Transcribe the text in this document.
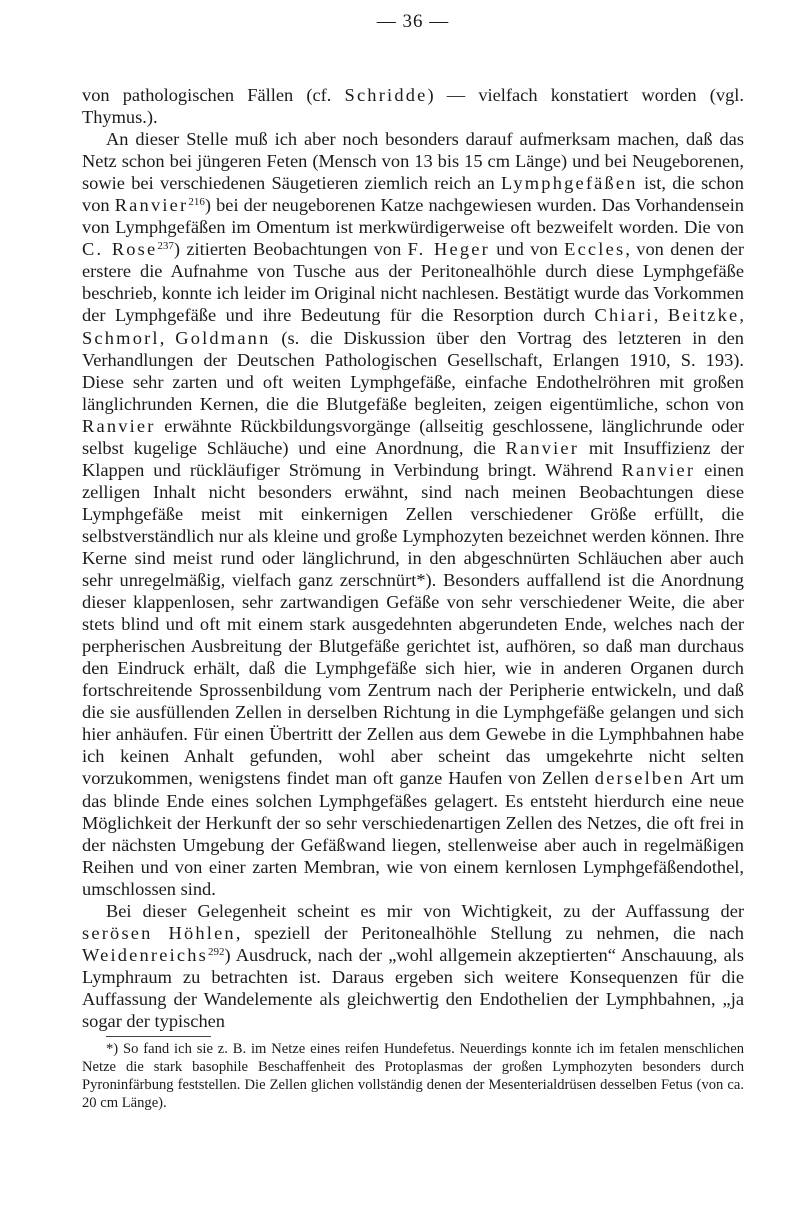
— 36 —

von pathologischen Fällen (cf. Schridde) — vielfach konstatiert worden (vgl. Thymus.).

An dieser Stelle muß ich aber noch besonders darauf aufmerksam machen, daß das Netz schon bei jüngeren Feten (Mensch von 13 bis 15 cm Länge) und bei Neugeborenen, sowie bei verschiedenen Säugetieren ziemlich reich an Lymphgefäßen ist, die schon von Ranvier$^{216}$) bei der neugeborenen Katze nachgewiesen wurden. Das Vorhandensein von Lymphgefäßen im Omentum ist merkwürdigerweise oft bezweifelt worden. Die von C. Rose$^{237}$) zitierten Beobachtungen von F. Heger und von Eccles, von denen der erstere die Aufnahme von Tusche aus der Peritonealhöhle durch diese Lymphgefäße beschrieb, konnte ich leider im Original nicht nachlesen. Bestätigt wurde das Vorkommen der Lymphgefäße und ihre Bedeutung für die Resorption durch Chiari, Beitzke, Schmorl, Goldmann (s. die Diskussion über den Vortrag des letzteren in den Verhandlungen der Deutschen Pathologischen Gesellschaft, Erlangen 1910, S. 193). Diese sehr zarten und oft weiten Lymphgefäße, einfache Endothelröhren mit großen länglichrunden Kernen, die die Blutgefäße begleiten, zeigen eigentümliche, schon von Ranvier erwähnte Rückbildungsvorgänge (allseitig geschlossene, länglichrunde oder selbst kugelige Schläuche) und eine Anordnung, die Ranvier mit Insuffizienz der Klappen und rückläufiger Strömung in Verbindung bringt. Während Ranvier einen zelligen Inhalt nicht besonders erwähnt, sind nach meinen Beobachtungen diese Lymphgefäße meist mit einkernigen Zellen verschiedener Größe erfüllt, die selbstverständlich nur als kleine und große Lymphozyten bezeichnet werden können. Ihre Kerne sind meist rund oder länglichrund, in den abgeschnürten Schläuchen aber auch sehr unregelmäßig, vielfach ganz zerschnürt*). Besonders auffallend ist die Anordnung dieser klappenlosen, sehr zartwandigen Gefäße von sehr verschiedener Weite, die aber stets blind und oft mit einem stark ausgedehnten abgerundeten Ende, welches nach der perpherischen Ausbreitung der Blutgefäße gerichtet ist, aufhören, so daß man durchaus den Eindruck erhält, daß die Lymphgefäße sich hier, wie in anderen Organen durch fortschreitende Sprossenbildung vom Zentrum nach der Peripherie entwickeln, und daß die sie ausfüllenden Zellen in derselben Richtung in die Lymphgefäße gelangen und sich hier anhäufen. Für einen Übertritt der Zellen aus dem Gewebe in die Lymphbahnen habe ich keinen Anhalt gefunden, wohl aber scheint das umgekehrte nicht selten vorzukommen, wenigstens findet man oft ganze Haufen von Zellen derselben Art um das blinde Ende eines solchen Lymphgefäßes gelagert. Es entsteht hierdurch eine neue Möglichkeit der Herkunft der so sehr verschiedenartigen Zellen des Netzes, die oft frei in der nächsten Umgebung der Gefäßwand liegen, stellenweise aber auch in regelmäßigen Reihen und von einer zarten Membran, wie von einem kernlosen Lymphgefäßendothel, umschlossen sind.

Bei dieser Gelegenheit scheint es mir von Wichtigkeit, zu der Auffassung der serösen Höhlen, speziell der Peritonealhöhle Stellung zu nehmen, die nach Weidenreichs$^{292}$) Ausdruck, nach der „wohl allgemein akzeptierten“ Anschauung, als Lymphraum zu betrachten ist. Daraus ergeben sich weitere Konsequenzen für die Auffassung der Wandelemente als gleichwertig den Endothelien der Lymphbahnen, „ja sogar der typischen

*) So fand ich sie z. B. im Netze eines reifen Hundefetus. Neuerdings konnte ich im fetalen menschlichen Netze die stark basophile Beschaffenheit des Protoplasmas der großen Lymphozyten besonders durch Pyroninfärbung feststellen. Die Zellen glichen vollständig denen der Mesenterialdrüsen desselben Fetus (von ca. 20 cm Länge).
